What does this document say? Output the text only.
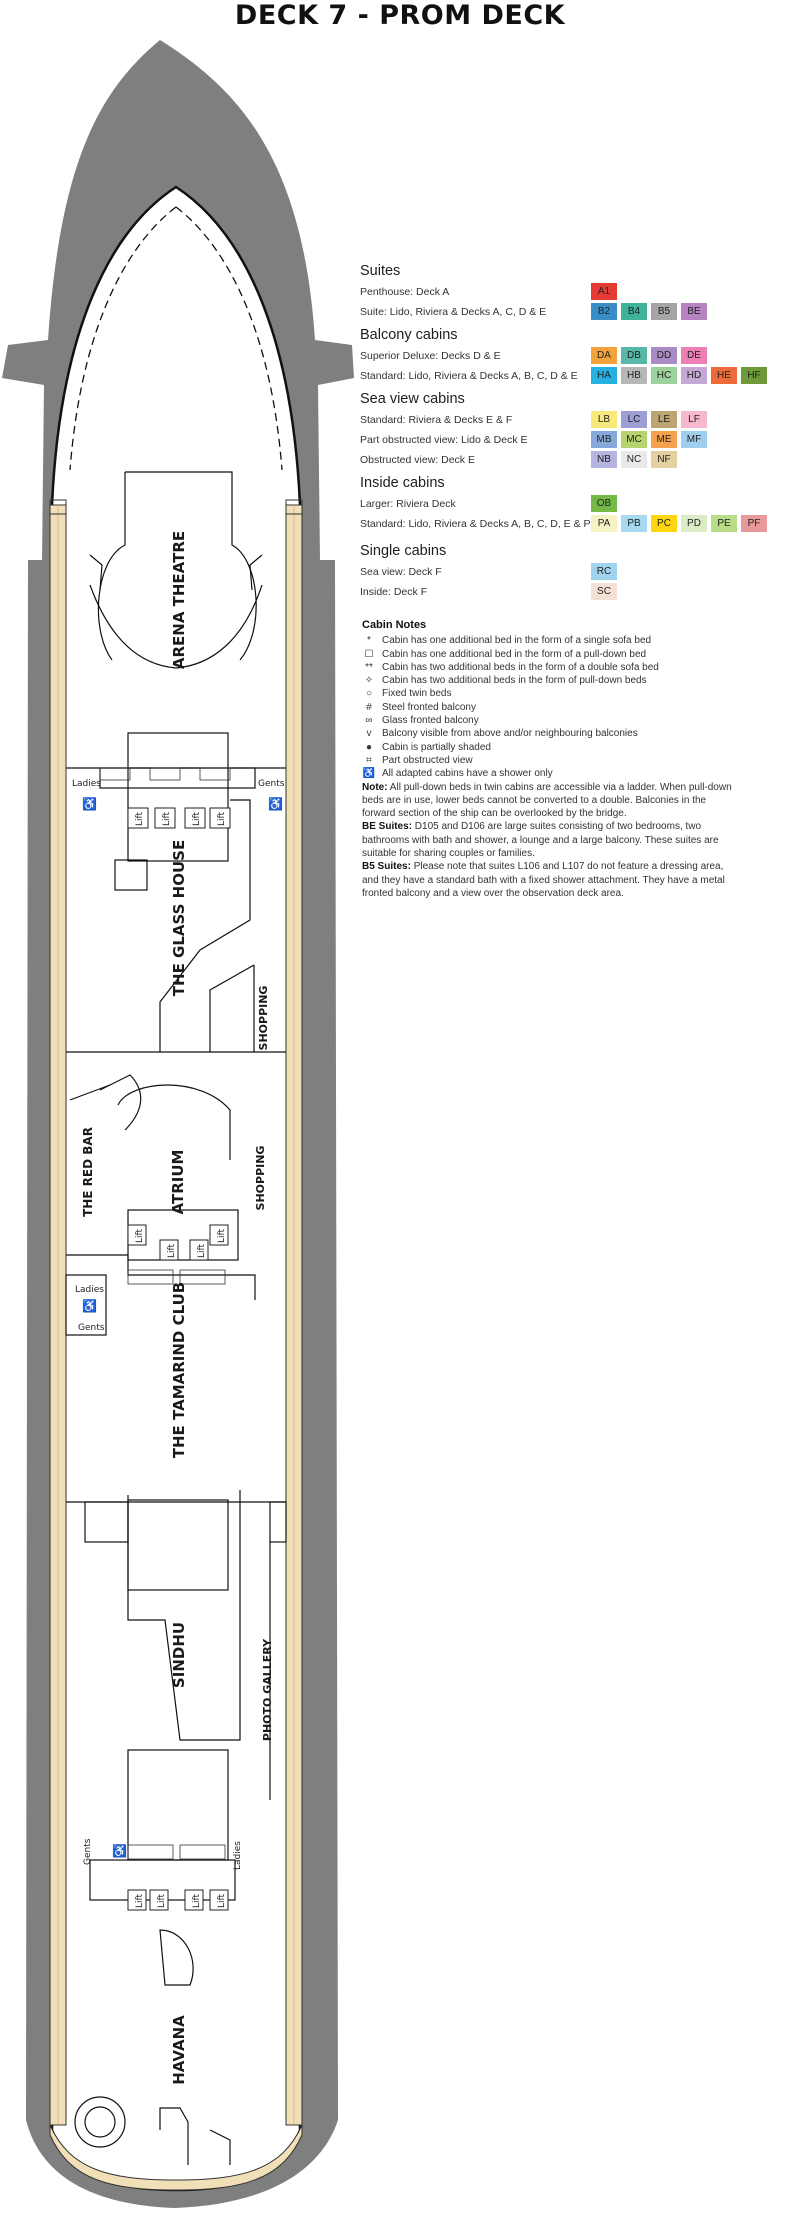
DECK 7 - PROM DECK
ARENA THEATRE
THE GLASS HOUSE
SHOPPING
THE RED BAR	ATRIUM	SHOPPING
THE TAMARIND CLUB
SINDHU	PHOTO GALLERY
HAVANA
Ladies	Gents
Ladies
Gents
Gents	Ladies
Lift Lift Lift Lift
Lift
Lift Lift
Lift
Lift Lift	Lift Lift
♿	♿
♿
♿
Suites
Penthouse: Deck A	A1
Suite: Lido, Riviera & Decks A, C, D & E	B2	B4	B5	BE
Balcony cabins
Superior Deluxe: Decks D & E	DA	DB	DD	DE
Standard: Lido, Riviera & Decks A, B, C, D & E	HA	HB	HC	HD	HE	HF
Sea view cabins
Standard: Riviera & Decks E & F	LB	LC	LE	LF
Part obstructed view: Lido & Deck E	MB	MC	ME	MF
Obstructed view: Deck E	NB	NC	NF
Inside cabins
Larger: Riviera Deck	OB
Standard: Lido, Riviera & Decks A, B, C, D, E & P PA	PB	PC	PD	PE	PF
Single cabins
Sea view: Deck F	RC
Inside: Deck F	SC
Cabin Notes
*	Cabin has one additional bed in the form of a single sofa bed
☐ Cabin has one additional bed in the form of a pull-down bed
** Cabin has two additional beds in the form of a double sofa bed
✧ Cabin has two additional beds in the form of pull-down beds
○ Fixed twin beds
#	Steel fronted balcony
∞ Glass fronted balcony
v	Balcony visible from above and/or neighbouring balconies
● Cabin is partially shaded
⌗	Part obstructed view
♿ All adapted cabins have a shower only

Note: All pull-down beds in twin cabins are accessible via a ladder. When pull-down beds are in use, lower beds cannot be converted to a double. Balconies in the forward section of the ship can be overlooked by the bridge.

BE Suites: D105 and D106 are large suites consisting of two bedrooms, two bathrooms with bath and shower, a lounge and a large balcony. These suites are suitable for sharing couples or families.

B5 Suites: Please note that suites L106 and L107 do not feature a dressing area, and they have a standard bath with a fixed shower attachment. They have a metal fronted balcony and a view over the observation deck area.
